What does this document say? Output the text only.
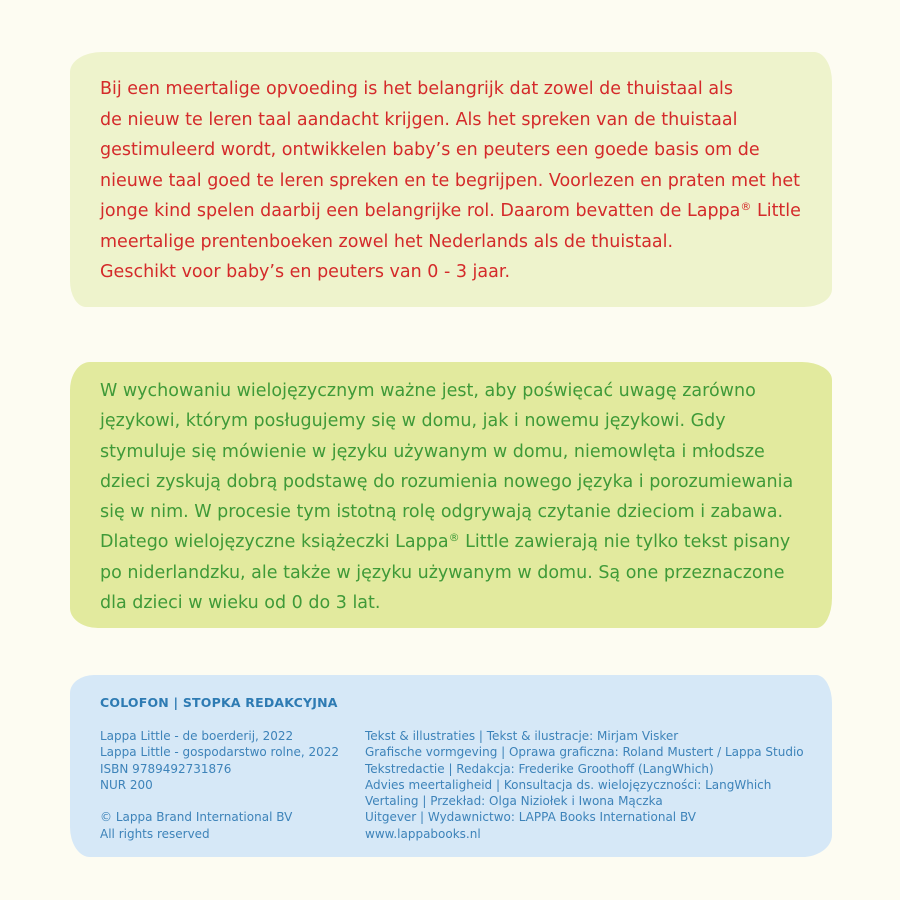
Bij een meertalige opvoeding is het belangrijk dat zowel de thuistaal als
de nieuw te leren taal aandacht krijgen. Als het spreken van de thuistaal
gestimuleerd wordt, ontwikkelen baby’s en peuters een goede basis om de
nieuwe taal goed te leren spreken en te begrijpen. Voorlezen en praten met het
jonge kind spelen daarbij een belangrijke rol. Daarom bevatten de Lappa® Little
meertalige prentenboeken zowel het Nederlands als de thuistaal.
Geschikt voor baby’s en peuters van 0 - 3 jaar.

W wychowaniu wielojęzycznym ważne jest, aby poświęcać uwagę zarówno
językowi, którym posługujemy się w domu, jak i nowemu językowi. Gdy
stymuluje się mówienie w języku używanym w domu, niemowlęta i młodsze
dzieci zyskują dobrą podstawę do rozumienia nowego języka i porozumiewania
się w nim. W procesie tym istotną rolę odgrywają czytanie dzieciom i zabawa.
Dlatego wielojęzyczne książeczki Lappa® Little zawierają nie tylko tekst pisany
po niderlandzku, ale także w języku używanym w domu. Są one przeznaczone
dla dzieci w wieku od 0 do 3 lat.

COLOFON | STOPKA REDAKCYJNA
Lappa Little - de boerderij, 2022
Lappa Little - gospodarstwo rolne, 2022
ISBN 9789492731876
NUR 200
© Lappa Brand International BV
All rights reserved
Tekst & illustraties | Tekst & ilustracje: Mirjam Visker
Grafische vormgeving | Oprawa graficzna: Roland Mustert / Lappa Studio
Tekstredactie | Redakcja: Frederike Groothoff (LangWhich)
Advies meertaligheid | Konsultacja ds. wielojęzyczności: LangWhich
Vertaling | Przekład: Olga Niziołek i Iwona Mączka
Uitgever | Wydawnictwo: LAPPA Books International BV
www.lappabooks.nl
